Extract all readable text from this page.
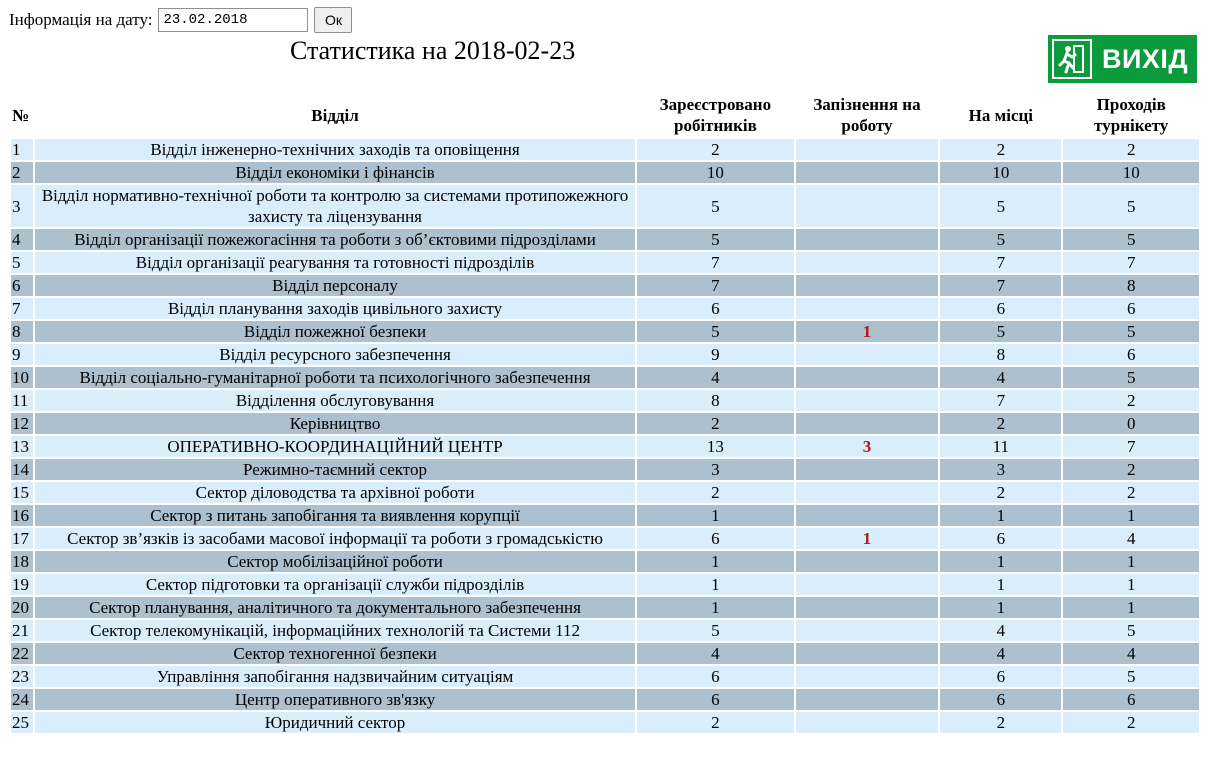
Інформація на дату:
23.02.2018	Ок
Статистика на 2018-02-23	ВИХІД
№	Відділ	Зареєстровано робітників	Запізнення на роботу	На місці	Проходів турнікету
1	Відділ інженерно-технічних заходів та оповіщення	2		2	2
2	Відділ економіки і фінансів	10		10	10
3	Відділ нормативно-технічної роботи та контролю за системами протипожежного захисту та ліцензування	5		5	5
4	Відділ організації пожежогасіння та роботи з об’єктовими підрозділами	5		5	5
5	Відділ організації реагування та готовності підрозділів	7		7	7
6	Відділ персоналу	7		7	8
7	Відділ планування заходів цивільного захисту	6		6	6
8	Відділ пожежної безпеки	5	1	5	5
9	Відділ ресурсного забезпечення	9		8	6
10	Відділ соціально-гуманітарної роботи та психологічного забезпечення	4		4	5
11	Відділення обслуговування	8		7	2
12	Керівництво	2		2	0
13	ОПЕРАТИВНО-КООРДИНАЦІЙНИЙ ЦЕНТР	13	3	11	7
14	Режимно-таємний сектор	3		3	2
15	Сектор діловодства та архівної роботи	2		2	2
16	Сектор з питань запобігання та виявлення корупції	1		1	1
17	Сектор зв’язків із засобами масової інформації та роботи з громадськістю	6	1	6	4
18	Сектор мобілізаційної роботи	1		1	1
19	Сектор підготовки та організації служби підрозділів	1		1	1
20	Сектор планування, аналітичного та документального забезпечення	1		1	1
21	Сектор телекомунікацій, інформаційних технологій та Системи 112	5		4	5
22	Сектор техногенної безпеки	4		4	4
23	Управління запобігання надзвичайним ситуаціям	6		6	5
24	Центр оперативного зв'язку	6		6	6
25	Юридичний сектор	2		2	2
